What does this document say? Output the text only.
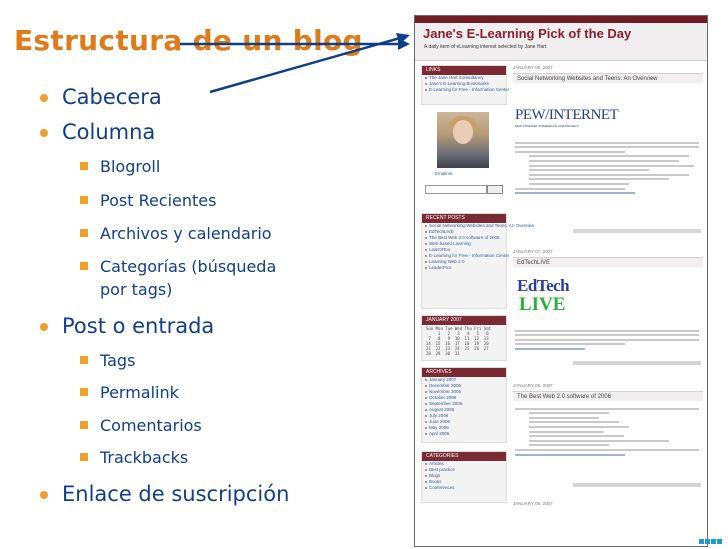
Estructura de un blog
Cabecera
Columna
Blogroll
Post Recientes
Archivos y calendario
Categorías (búsqueda
por tags)
Post o entrada
Tags
Permalink
Comentarios
Trackbacks
Enlace de suscripción
Jane's E-Learning Pick of the Day
A daily item of eLearning interest selected by Jane Hart
LINKS
The Jane Hart Consultancy
Jane's E-Learning Bookmarks
E-Learning for Free - Information Center
Emailme
RECENT POSTS
Social Networking Websites and Teens: An Overview
EdTechLIVE
The Best Web 2.0 software of 2006
Web-based Learning
LearnItToo
E-Learning for Free - Information Center
Learning Web 2.0
LeaderPics
JANUARY 2007
Sun Mon Tue Wed Thu Fri Sat
1   2   3   4   5   6
7   8   9  10  11  12  13
14  15  16  17  18  19  20
21  22  23  24  25  26  27
28  29  30  31
ARCHIVES
January 2007
December 2006
November 2006
October 2006
September 2006
August 2006
July 2006
June 2006
May 2006
April 2006
CATEGORIES
Articles
Best practice
Blogs
Books
Conferences
JANUARY 08, 2007
Social Networking Websites and Teens: An Overview
PEW/INTERNET
PEW INTERNET & AMERICAN LIFE PROJECT
JANUARY 07, 2007
EdTechLIVE
EdTech
LIVE
JANUARY 06, 2007
The Best Web 2.0 software of 2006
JANUARY 05, 2007
